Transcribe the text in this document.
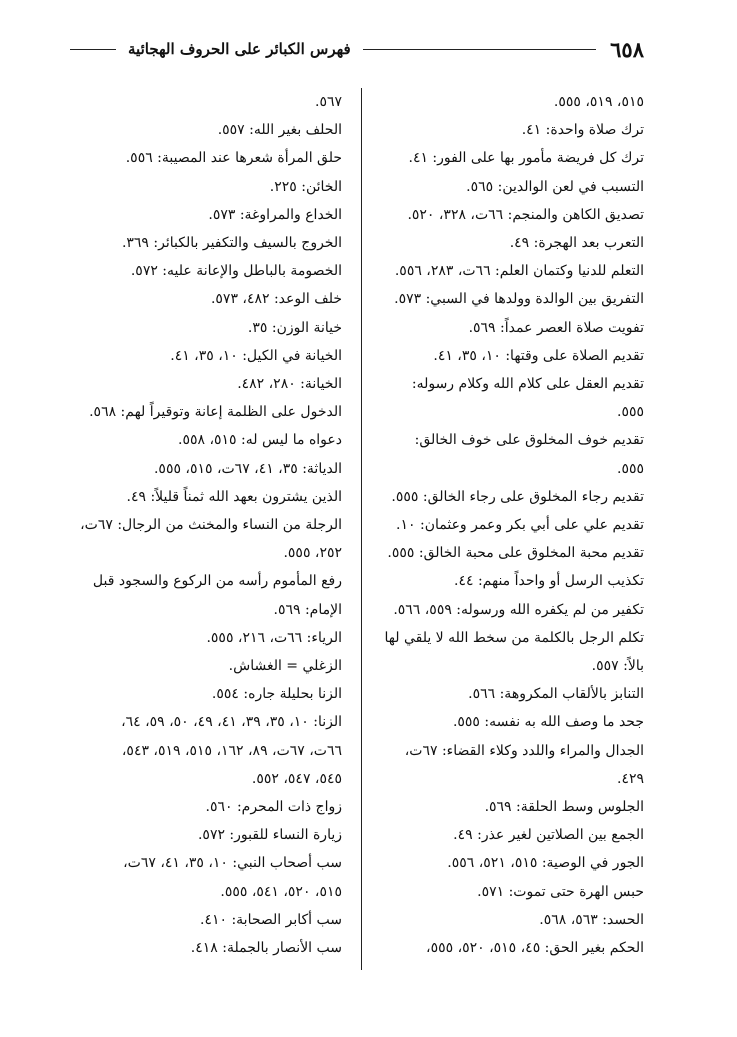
٦٥٨
فهرس الكبائر على الحروف الهجائية

٥١٥، ٥١٩، ٥٥٥.

ترك صلاة واحدة: ٤١.

ترك كل فريضة مأمور بها على الفور: ٤١.

التسبب في لعن الوالدين: ٥٦٥.

تصديق الكاهن والمنجم: ٦٦ت، ٣٢٨، ٥٢٠.

التعرب بعد الهجرة: ٤٩.

التعلم للدنيا وكتمان العلم: ٦٦ت، ٢٨٣، ٥٥٦.

التفريق بين الوالدة وولدها في السبي: ٥٧٣.

تفويت صلاة العصر عمداً: ٥٦٩.

تقديم الصلاة على وقتها: ١٠، ٣٥، ٤١.

تقديم العقل على كلام الله وكلام رسوله:

٥٥٥.

تقديم خوف المخلوق على خوف الخالق:

٥٥٥.

تقديم رجاء المخلوق على رجاء الخالق: ٥٥٥.

تقديم علي على أبي بكر وعمر وعثمان: ١٠.

تقديم محبة المخلوق على محبة الخالق: ٥٥٥.

تكذيب الرسل أو واحداً منهم: ٤٤.

تكفير من لم يكفره الله ورسوله: ٥٥٩، ٥٦٦.

تكلم الرجل بالكلمة من سخط الله لا يلقي لها

بالاً: ٥٥٧.

التنابز بالألقاب المكروهة: ٥٦٦.

جحد ما وصف الله به نفسه: ٥٥٥.

الجدال والمراء واللدد وكلاء القضاء: ٦٧ت،

٤٢٩.

الجلوس وسط الحلقة: ٥٦٩.

الجمع بين الصلاتين لغير عذر: ٤٩.

الجور في الوصية: ٥١٥، ٥٢١، ٥٥٦.

حبس الهرة حتى تموت: ٥٧١.

الحسد: ٥٦٣، ٥٦٨.

الحكم بغير الحق: ٤٥، ٥١٥، ٥٢٠، ٥٥٥،

٥٦٧.

الحلف بغير الله: ٥٥٧.

حلق المرأة شعرها عند المصيبة: ٥٥٦.

الخائن: ٢٢٥.

الخداع والمراوغة: ٥٧٣.

الخروج بالسيف والتكفير بالكبائر: ٣٦٩.

الخصومة بالباطل والإعانة عليه: ٥٧٢.

خلف الوعد: ٤٨٢، ٥٧٣.

خيانة الوزن: ٣٥.

الخيانة في الكيل: ١٠، ٣٥، ٤١.

الخيانة: ٢٨٠، ٤٨٢.

الدخول على الظلمة إعانة وتوقيراً لهم: ٥٦٨.

دعواه ما ليس له: ٥١٥، ٥٥٨.

الدياثة: ٣٥، ٤١، ٦٧ت، ٥١٥، ٥٥٥.

الذين يشترون بعهد الله ثمناً قليلاً: ٤٩.

الرجلة من النساء والمخنث من الرجال: ٦٧ت،

٢٥٢، ٥٥٥.

رفع المأموم رأسه من الركوع والسجود قبل

الإمام: ٥٦٩.

الرياء: ٦٦ت، ٢١٦، ٥٥٥.

الزغلي = الغشاش.

الزنا بحليلة جاره: ٥٥٤.

الزنا: ١٠، ٣٥، ٣٩، ٤١، ٤٩، ٥٠، ٥٩، ٦٤،

٦٦ت، ٦٧ت، ٨٩، ١٦٢، ٥١٥، ٥١٩، ٥٤٣،

٥٤٥، ٥٤٧، ٥٥٢.

زواج ذات المحرم: ٥٦٠.

زيارة النساء للقبور: ٥٧٢.

سب أصحاب النبي: ١٠، ٣٥، ٤١، ٦٧ت،

٥١٥، ٥٢٠، ٥٤١، ٥٥٥.

سب أكابر الصحابة: ٤١٠.

سب الأنصار بالجملة: ٤١٨.
